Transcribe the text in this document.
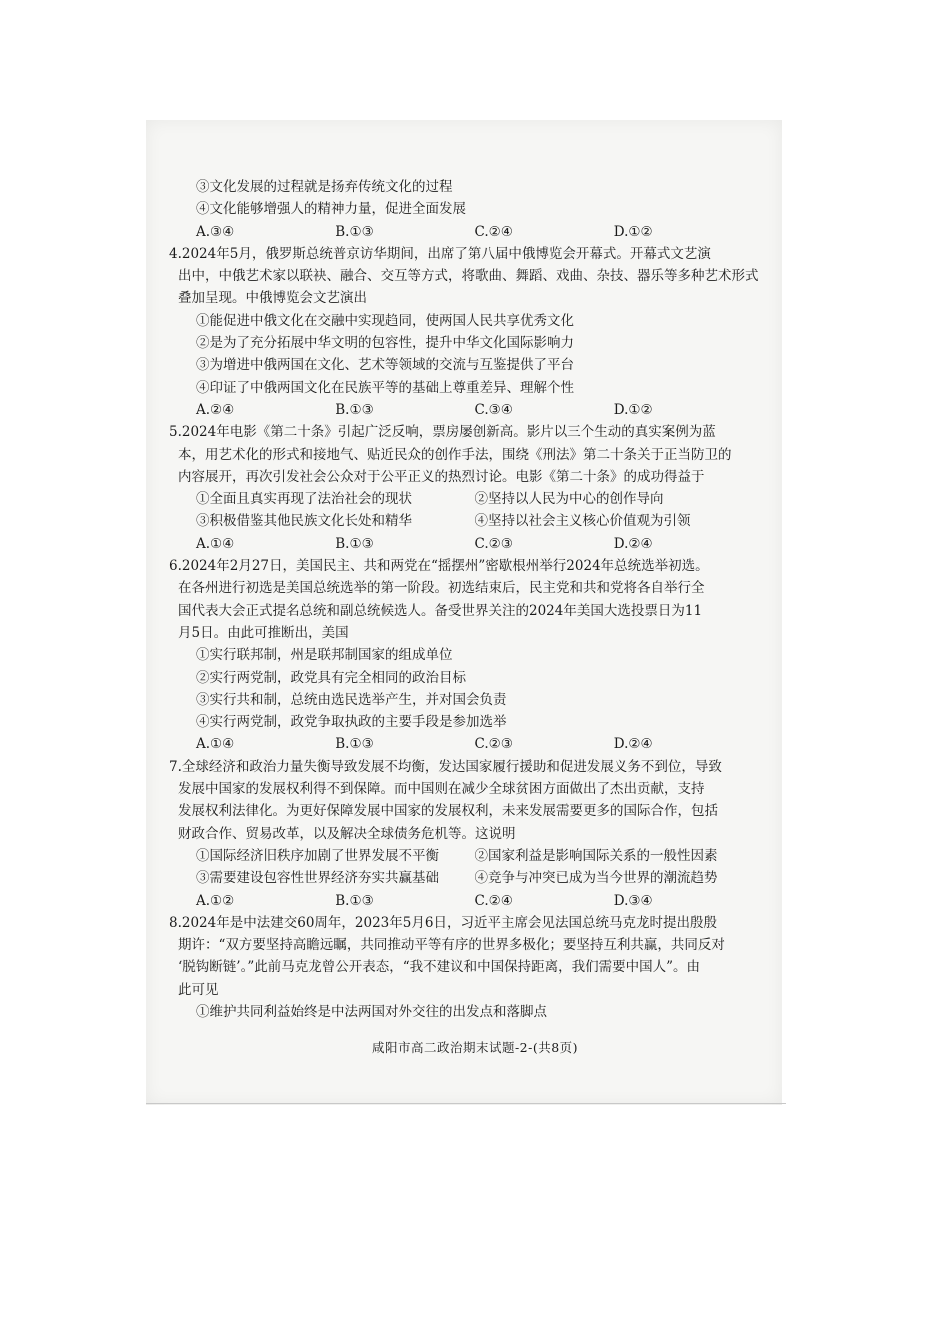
③文化发展的过程就是扬弃传统文化的过程
④文化能够增强人的精神力量，促进全面发展
A.③④	B.①③	C.②④	D.①②
4.2024年5月，俄罗斯总统普京访华期间，出席了第八届中俄博览会开幕式。开幕式文艺演
出中，中俄艺术家以联袂、融合、交互等方式，将歌曲、舞蹈、戏曲、杂技、器乐等多种艺术形式
叠加呈现。中俄博览会文艺演出
①能促进中俄文化在交融中实现趋同，使两国人民共享优秀文化
②是为了充分拓展中华文明的包容性，提升中华文化国际影响力
③为增进中俄两国在文化、艺术等领域的交流与互鉴提供了平台
④印证了中俄两国文化在民族平等的基础上尊重差异、理解个性
A.②④	B.①③	C.③④	D.①②
5.2024年电影《第二十条》引起广泛反响，票房屡创新高。影片以三个生动的真实案例为蓝
本，用艺术化的形式和接地气、贴近民众的创作手法，围绕《刑法》第二十条关于正当防卫的
内容展开，再次引发社会公众对于公平正义的热烈讨论。电影《第二十条》的成功得益于
①全面且真实再现了法治社会的现状	②坚持以人民为中心的创作导向
③积极借鉴其他民族文化长处和精华	④坚持以社会主义核心价值观为引领
A.①④	B.①③	C.②③	D.②④
6.2024年2月27日，美国民主、共和两党在“摇摆州”密歇根州举行2024年总统选举初选。
在各州进行初选是美国总统选举的第一阶段。初选结束后，民主党和共和党将各自举行全
国代表大会正式提名总统和副总统候选人。备受世界关注的2024年美国大选投票日为11
月5日。由此可推断出，美国
①实行联邦制，州是联邦制国家的组成单位
②实行两党制，政党具有完全相同的政治目标
③实行共和制，总统由选民选举产生，并对国会负责
④实行两党制，政党争取执政的主要手段是参加选举
A.①④	B.①③	C.②③	D.②④
7.全球经济和政治力量失衡导致发展不均衡，发达国家履行援助和促进发展义务不到位，导致
发展中国家的发展权利得不到保障。而中国则在减少全球贫困方面做出了杰出贡献，支持
发展权利法律化。为更好保障发展中国家的发展权利，未来发展需要更多的国际合作，包括
财政合作、贸易改革，以及解决全球债务危机等。这说明
①国际经济旧秩序加剧了世界发展不平衡	②国家利益是影响国际关系的一般性因素
③需要建设包容性世界经济夯实共赢基础	④竞争与冲突已成为当今世界的潮流趋势
A.①②	B.①③	C.②④	D.③④
8.2024年是中法建交60周年，2023年5月6日，习近平主席会见法国总统马克龙时提出殷殷
期许：“双方要坚持高瞻远瞩，共同推动平等有序的世界多极化；要坚持互利共赢，共同反对
‘脱钩断链’。”此前马克龙曾公开表态，“我不建议和中国保持距离，我们需要中国人”。由
此可见
①维护共同利益始终是中法两国对外交往的出发点和落脚点
咸阳市高二政治期末试题-2-(共8页)
